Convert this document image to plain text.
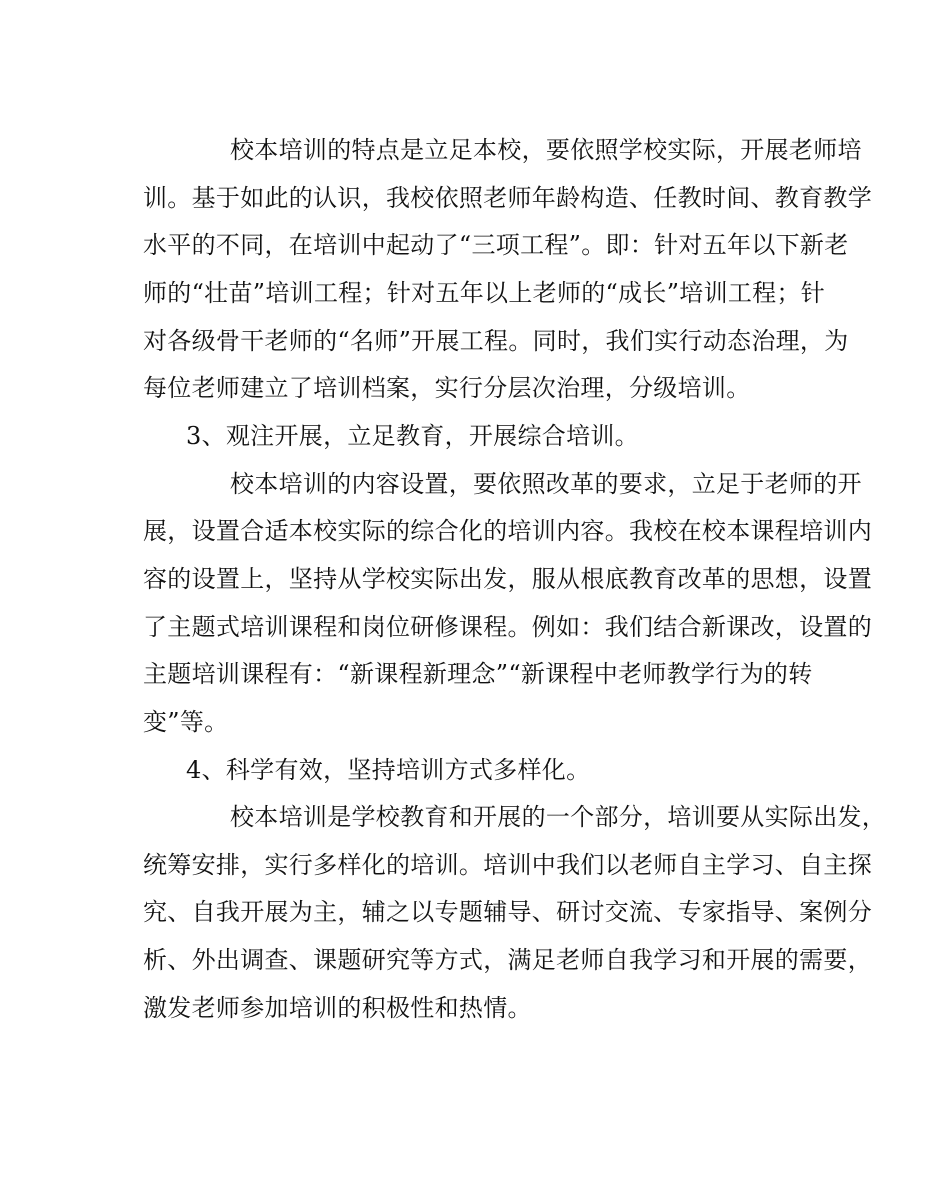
校本培训的特点是立足本校，要依照学校实际，开展老师培
训。基于如此的认识，我校依照老师年龄构造、任教时间、教育教学
水平的不同，在培训中起动了“三项工程”。即：针对五年以下新老
师的“壮苗”培训工程；针对五年以上老师的“成长”培训工程；针
对各级骨干老师的“名师”开展工程。同时，我们实行动态治理，为
每位老师建立了培训档案，实行分层次治理，分级培训。
3、观注开展，立足教育，开展综合培训。
校本培训的内容设置，要依照改革的要求，立足于老师的开
展，设置合适本校实际的综合化的培训内容。我校在校本课程培训内
容的设置上，坚持从学校实际出发，服从根底教育改革的思想，设置
了主题式培训课程和岗位研修课程。例如：我们结合新课改，设置的
主题培训课程有：“新课程新理念”“新课程中老师教学行为的转
变”等。
4、科学有效，坚持培训方式多样化。
校本培训是学校教育和开展的一个部分，培训要从实际出发，
统筹安排，实行多样化的培训。培训中我们以老师自主学习、自主探
究、自我开展为主，辅之以专题辅导、研讨交流、专家指导、案例分
析、外出调查、课题研究等方式，满足老师自我学习和开展的需要，
激发老师参加培训的积极性和热情。
